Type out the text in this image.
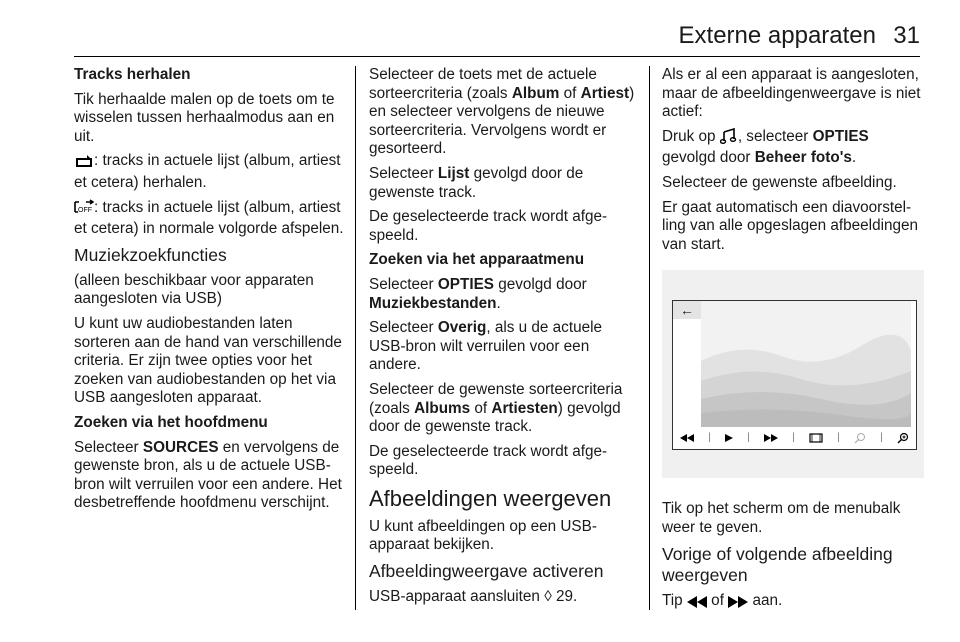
Externe apparaten 31

Tracks herhalen

Tik herhaalde malen op de toets om te wisselen tussen herhaalmodus aan en uit.

: tracks in actuele lijst (album, artiest et cetera) herhalen.

OFF : tracks in actuele lijst (album, artiest et cetera) in normale volgorde afspelen.

Muziekzoekfuncties

(alleen beschikbaar voor apparaten aangesloten via USB)

U kunt uw audiobestanden laten sorteren aan de hand van verschillende criteria. Er zijn twee opties voor het zoeken van audiobestanden op het via USB aangesloten apparaat.

Zoeken via het hoofdmenu

Selecteer SOURCES en vervolgens de gewenste bron, als u de actuele USB-bron wilt verruilen voor een andere. Het desbetreffende hoofdmenu verschijnt.

Selecteer de toets met de actuele sorteercriteria (zoals Album of Artiest) en selecteer vervolgens de nieuwe sorteercriteria. Vervolgens wordt er gesorteerd.

Selecteer Lijst gevolgd door de gewenste track.

De geselecteerde track wordt afgespeeld.

Zoeken via het apparaatmenu

Selecteer OPTIES gevolgd door Muziekbestanden.

Selecteer Overig, als u de actuele USB-bron wilt verruilen voor een andere.

Selecteer de gewenste sorteercriteria (zoals Albums of Artiesten) gevolgd door de gewenste track.

De geselecteerde track wordt afgespeeld.

Afbeeldingen weergeven

U kunt afbeeldingen op een USB-apparaat bekijken.

Afbeeldingweergave activeren

USB-apparaat aansluiten ◊ 29.

Als er al een apparaat is aangesloten, maar de afbeeldingenweergave is niet actief:

Druk op , selecteer OPTIES gevolgd door Beheer foto's.

Selecteer de gewenste afbeelding.

Er gaat automatisch een diavoorstelling van alle opgeslagen afbeeldingen van start.

←
|	|	|	|	|

Tik op het scherm om de menubalk weer te geven.

Vorige of volgende afbeelding weergeven

Tip  of  aan.
